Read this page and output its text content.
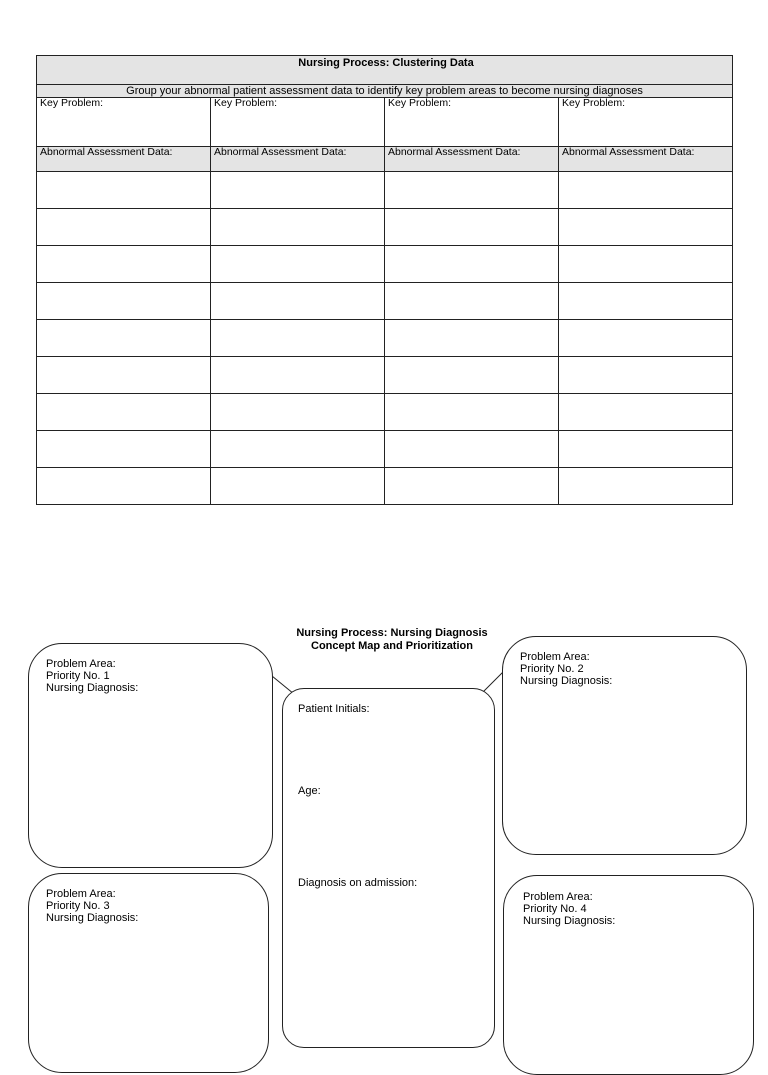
Nursing Process: Clustering Data			
Group your abnormal patient assessment data to identify key problem areas to become nursing diagnoses			
Key Problem:	Key Problem:	Key Problem:	Key Problem:
Abnormal Assessment Data:	Abnormal Assessment Data:	Abnormal Assessment Data:	Abnormal Assessment Data:

Nursing Process: Nursing Diagnosis
Concept Map and Prioritization
Problem Area:
Priority No. 1
Nursing Diagnosis:
Problem Area:
Priority No. 2
Nursing Diagnosis:
Patient Initials:
Age:
Diagnosis on admission:
Problem Area:
Priority No. 3
Nursing Diagnosis:
Problem Area:
Priority No. 4
Nursing Diagnosis:
